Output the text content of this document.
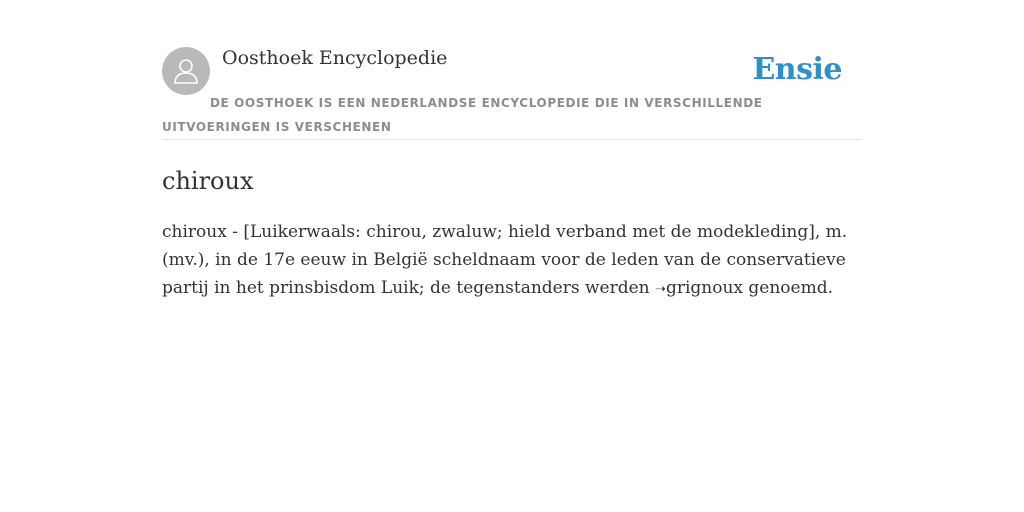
Oosthoek Encyclopedie	Ensie
DE OOSTHOEK IS EEN NEDERLANDSE ENCYCLOPEDIE DIE IN VERSCHILLENDE UITVOERINGEN IS VERSCHENEN
chiroux

chiroux - [Luikerwaals: chirou, zwaluw; hield verband met de modekleding], m. (mv.), in de 17e eeuw in België scheldnaam voor de leden van de conservatieve partij in het prinsbisdom Luik; de tegenstanders werden ➝grignoux genoemd.
